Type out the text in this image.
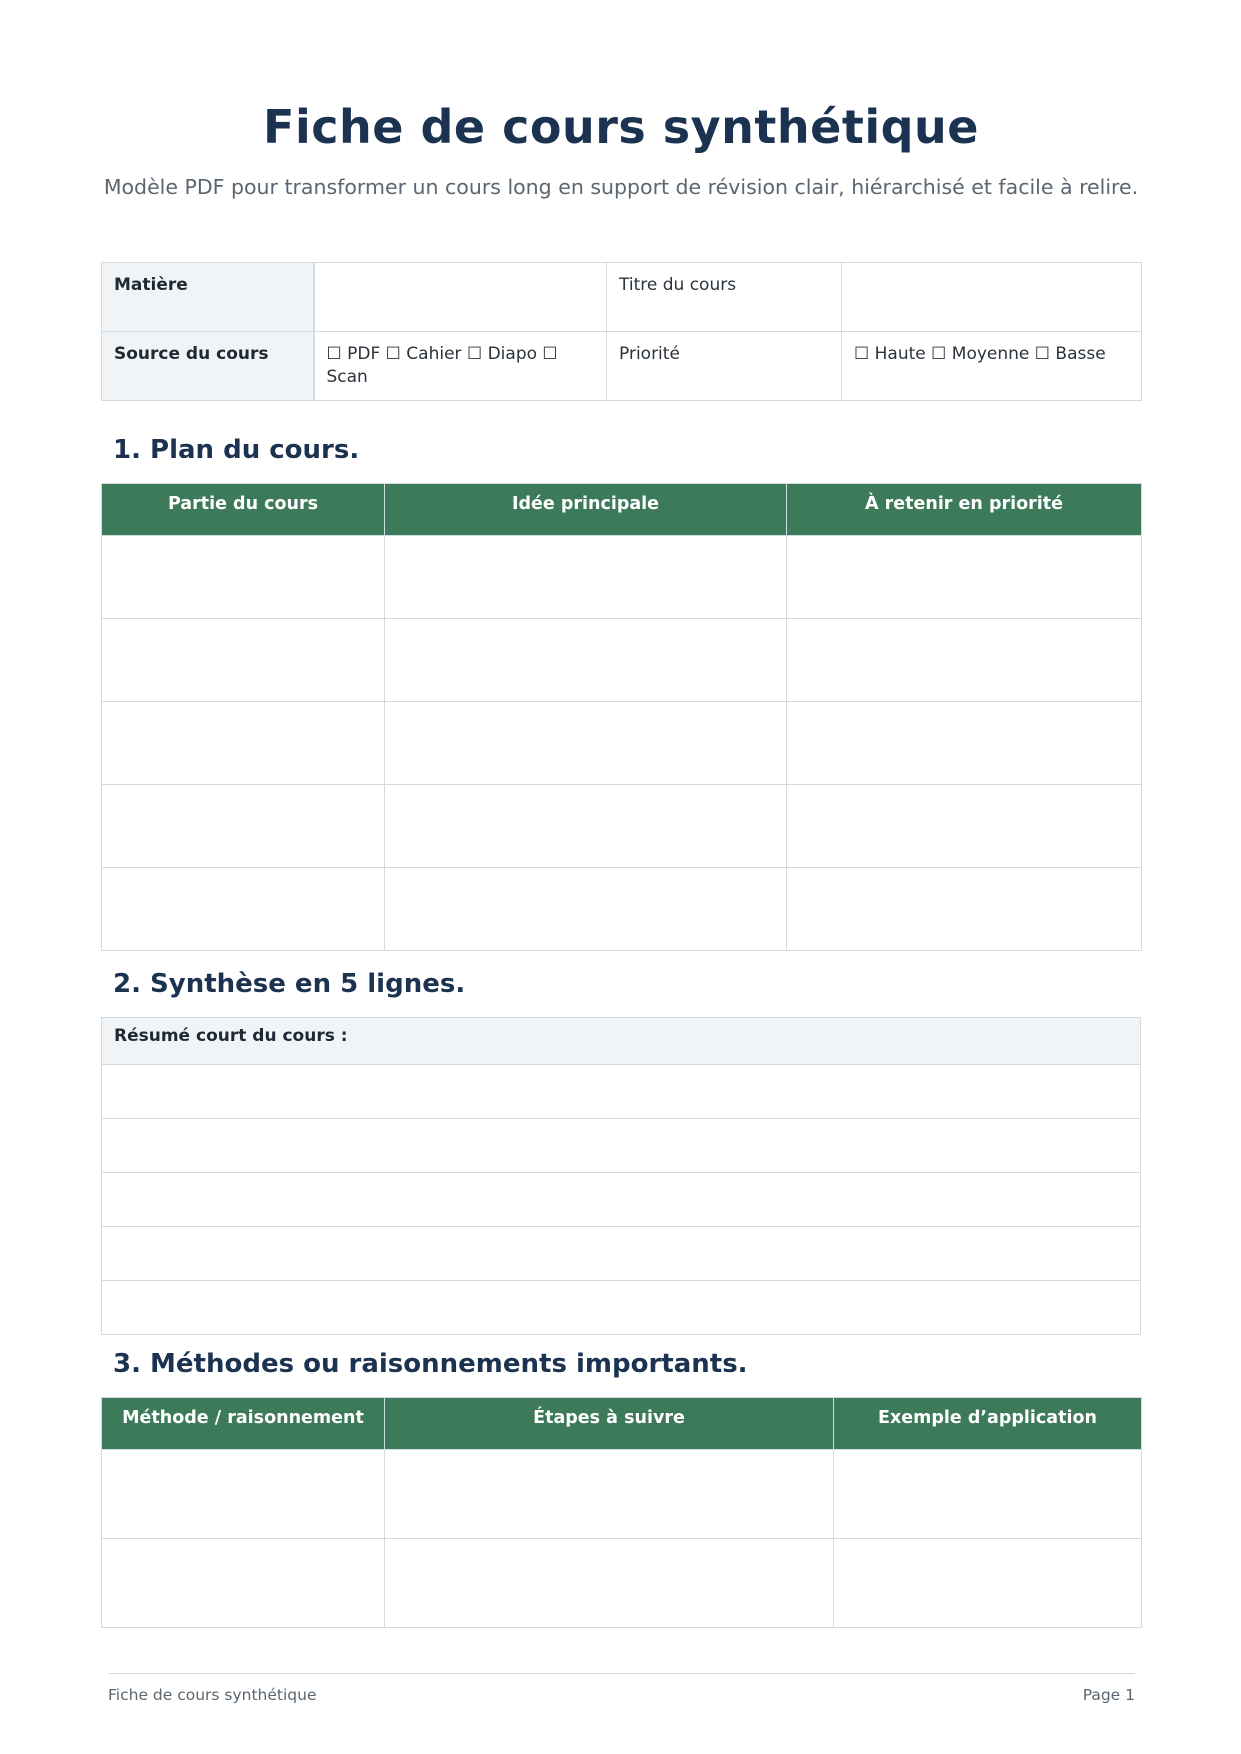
Fiche de cours synthétique
Modèle PDF pour transformer un cours long en support de révision clair, hiérarchisé et facile à relire.
Matière		Titre du cours	
Source du cours	☐ PDF ☐ Cahier ☐ Diapo ☐ Scan	Priorité	☐ Haute ☐ Moyenne ☐ Basse
1. Plan du cours.
Partie du cours	Idée principale	À retenir en priorité

2. Synthèse en 5 lignes.
Résumé court du cours :

3. Méthodes ou raisonnements importants.
Méthode / raisonnement	Étapes à suivre	Exemple d’application

Fiche de cours synthétique	Page 1
